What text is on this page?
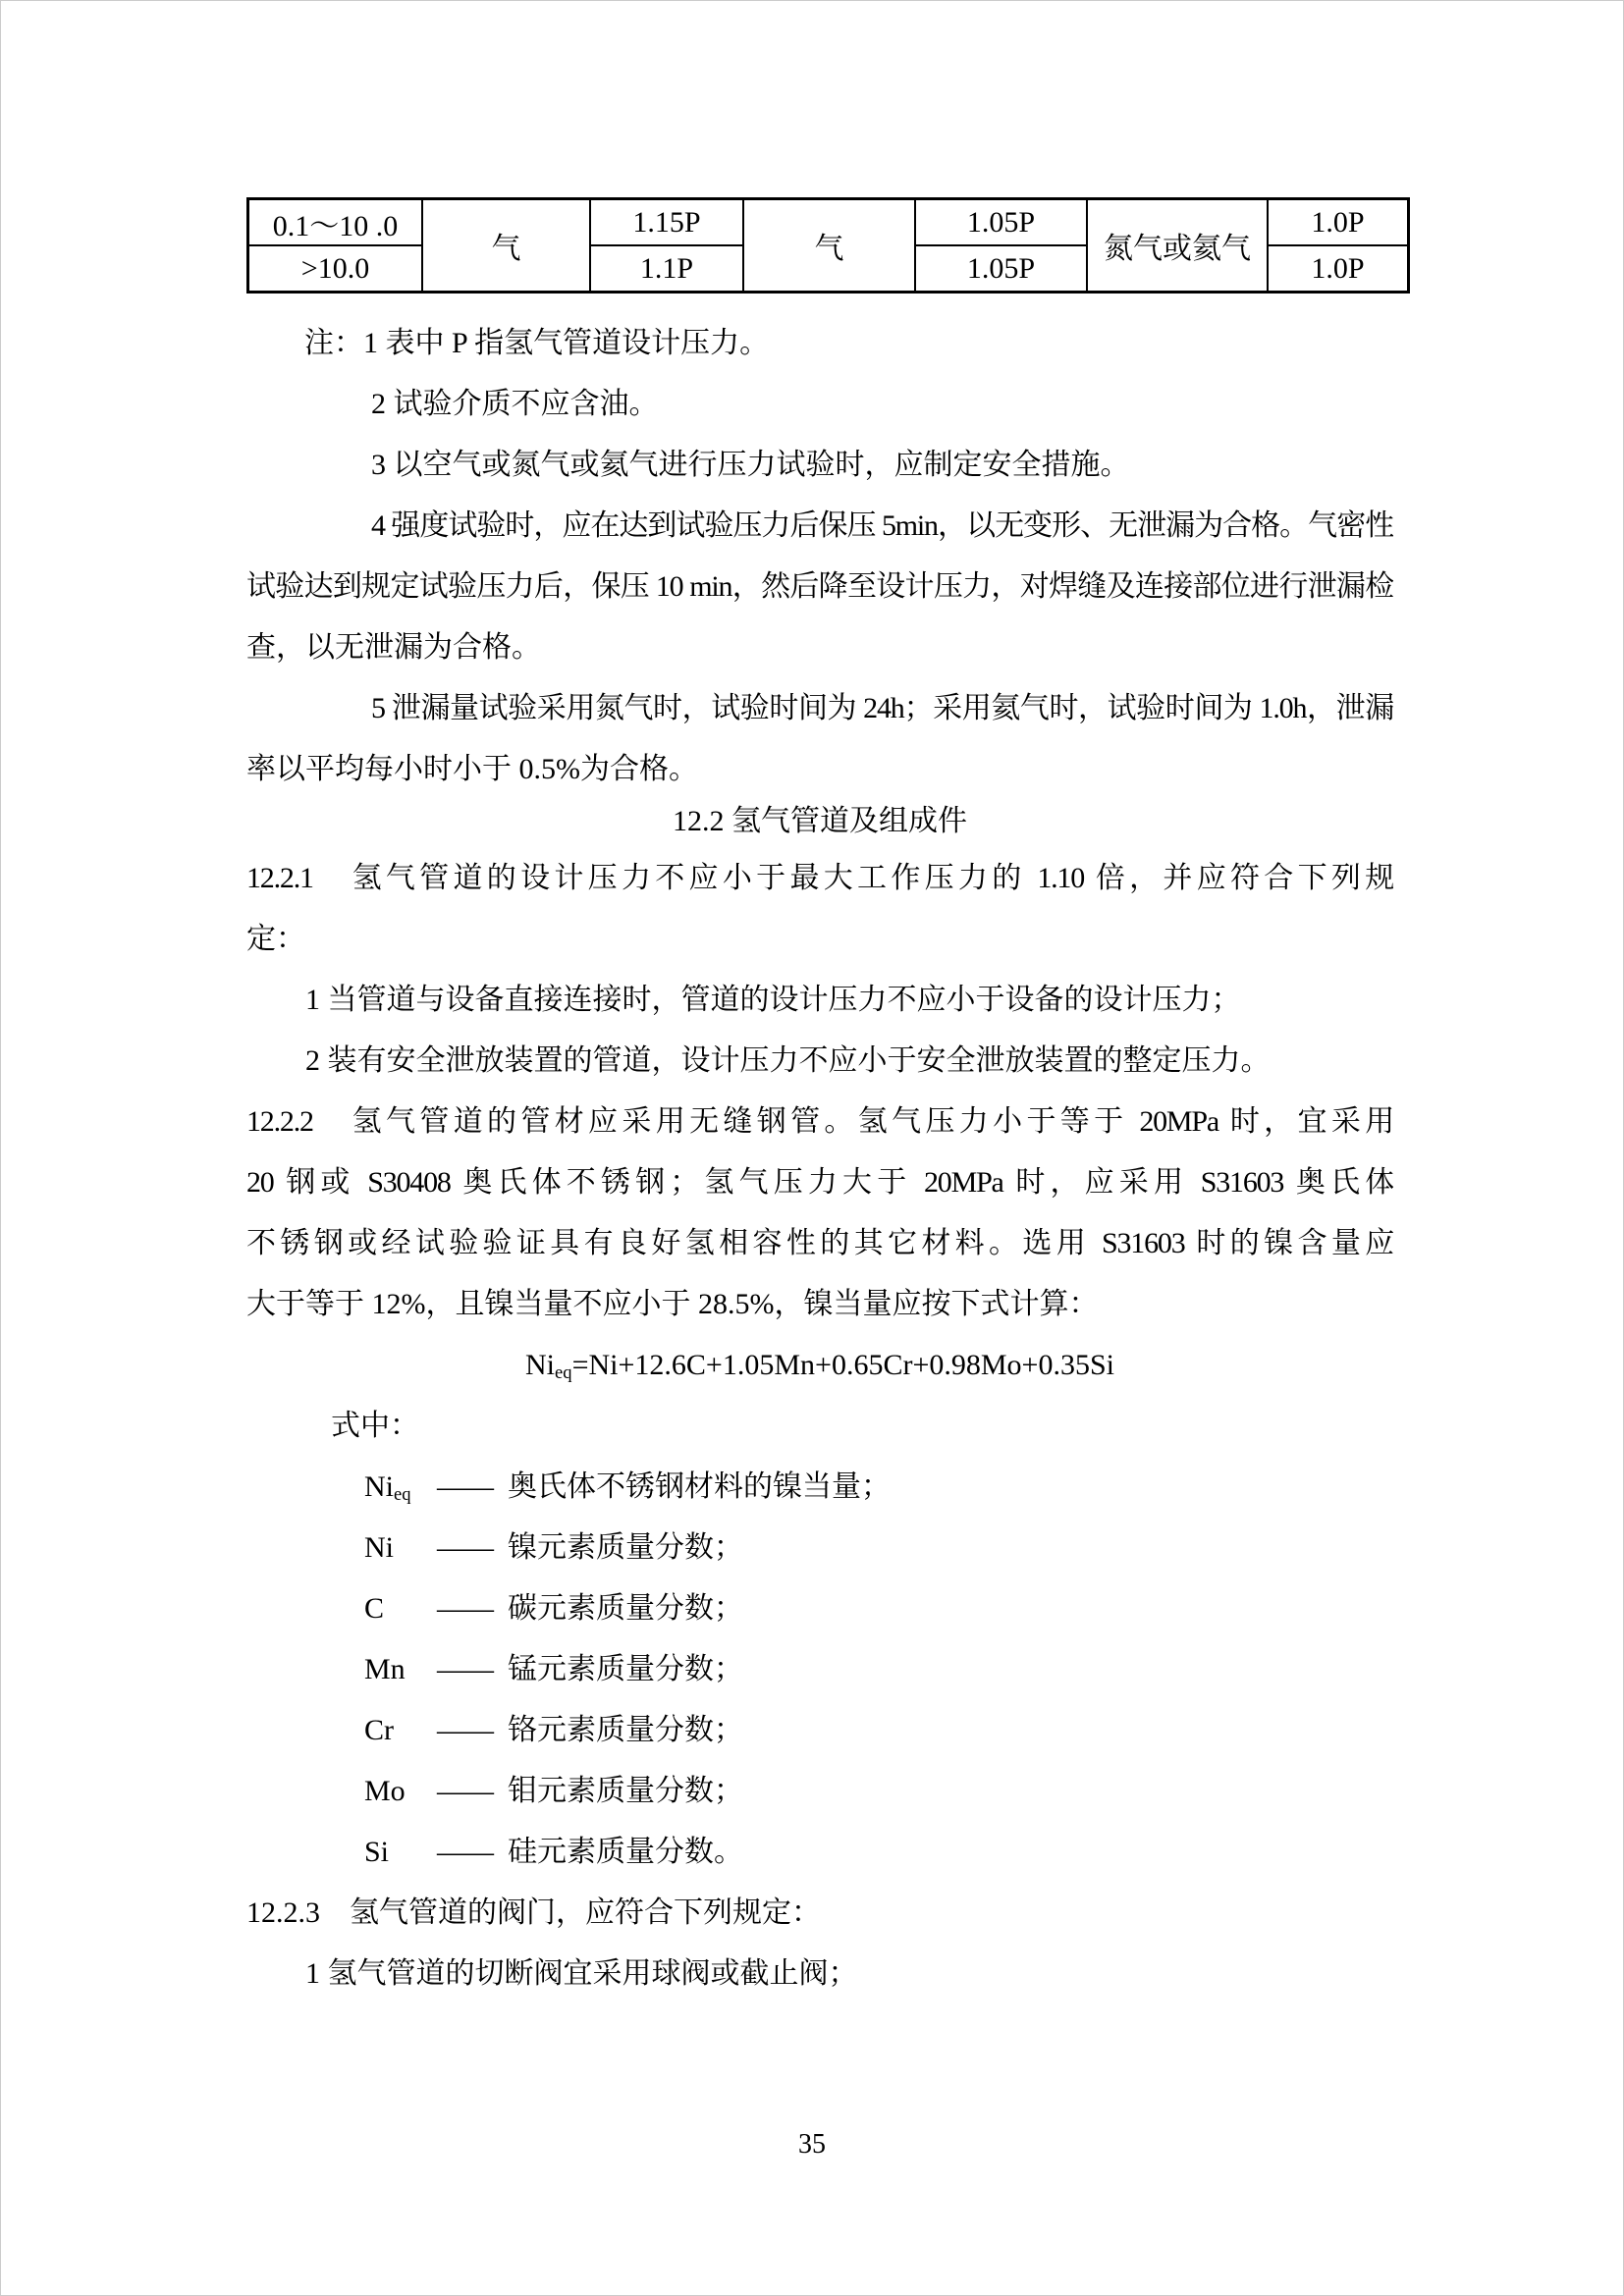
0.1～10 .0	气	1.15P	气	1.05P	氮气或氦气	1.0P
>10.0		1.1P		1.05P		1.0P
注：1 表中 P 指氢气管道设计压力。
2 试验介质不应含油。
3 以空气或氮气或氦气进行压力试验时，应制定安全措施。
4 强度试验时，应在达到试验压力后保压 5min，以无变形、无泄漏为合格。气密性
试验达到规定试验压力后，保压 10 min，然后降至设计压力，对焊缝及连接部位进行泄漏检
查，以无泄漏为合格。
5 泄漏量试验采用氮气时，试验时间为 24h；采用氦气时，试验时间为 1.0h，泄漏
率以平均每小时小于 0.5%为合格。
12.2 氢气管道及组成件
12.2.1　氢气管道的设计压力不应小于最大工作压力的 1.10 倍，并应符合下列规
定：
1 当管道与设备直接连接时，管道的设计压力不应小于设备的设计压力；
2 装有安全泄放装置的管道，设计压力不应小于安全泄放装置的整定压力。
12.2.2　氢气管道的管材应采用无缝钢管。氢气压力小于等于 20MPa 时，宜采用
20 钢或 S30408 奥氏体不锈钢；氢气压力大于 20MPa 时，应采用 S31603 奥氏体
不锈钢或经试验验证具有良好氢相容性的其它材料。选用 S31603 时的镍含量应
大于等于 12%，且镍当量不应小于 28.5%，镍当量应按下式计算：
$Ni_{eq}=Ni+12.6C+1.05Mn+0.65Cr+0.98Mo+0.35Si$
式中：
$Ni_{eq}$ —— 奥氏体不锈钢材料的镍当量；
Ni —— 镍元素质量分数；
C —— 碳元素质量分数；
Mn —— 锰元素质量分数；
Cr —— 铬元素质量分数；
Mo —— 钼元素质量分数；
Si —— 硅元素质量分数。
12.2.3　氢气管道的阀门，应符合下列规定：
1 氢气管道的切断阀宜采用球阀或截止阀；
35
